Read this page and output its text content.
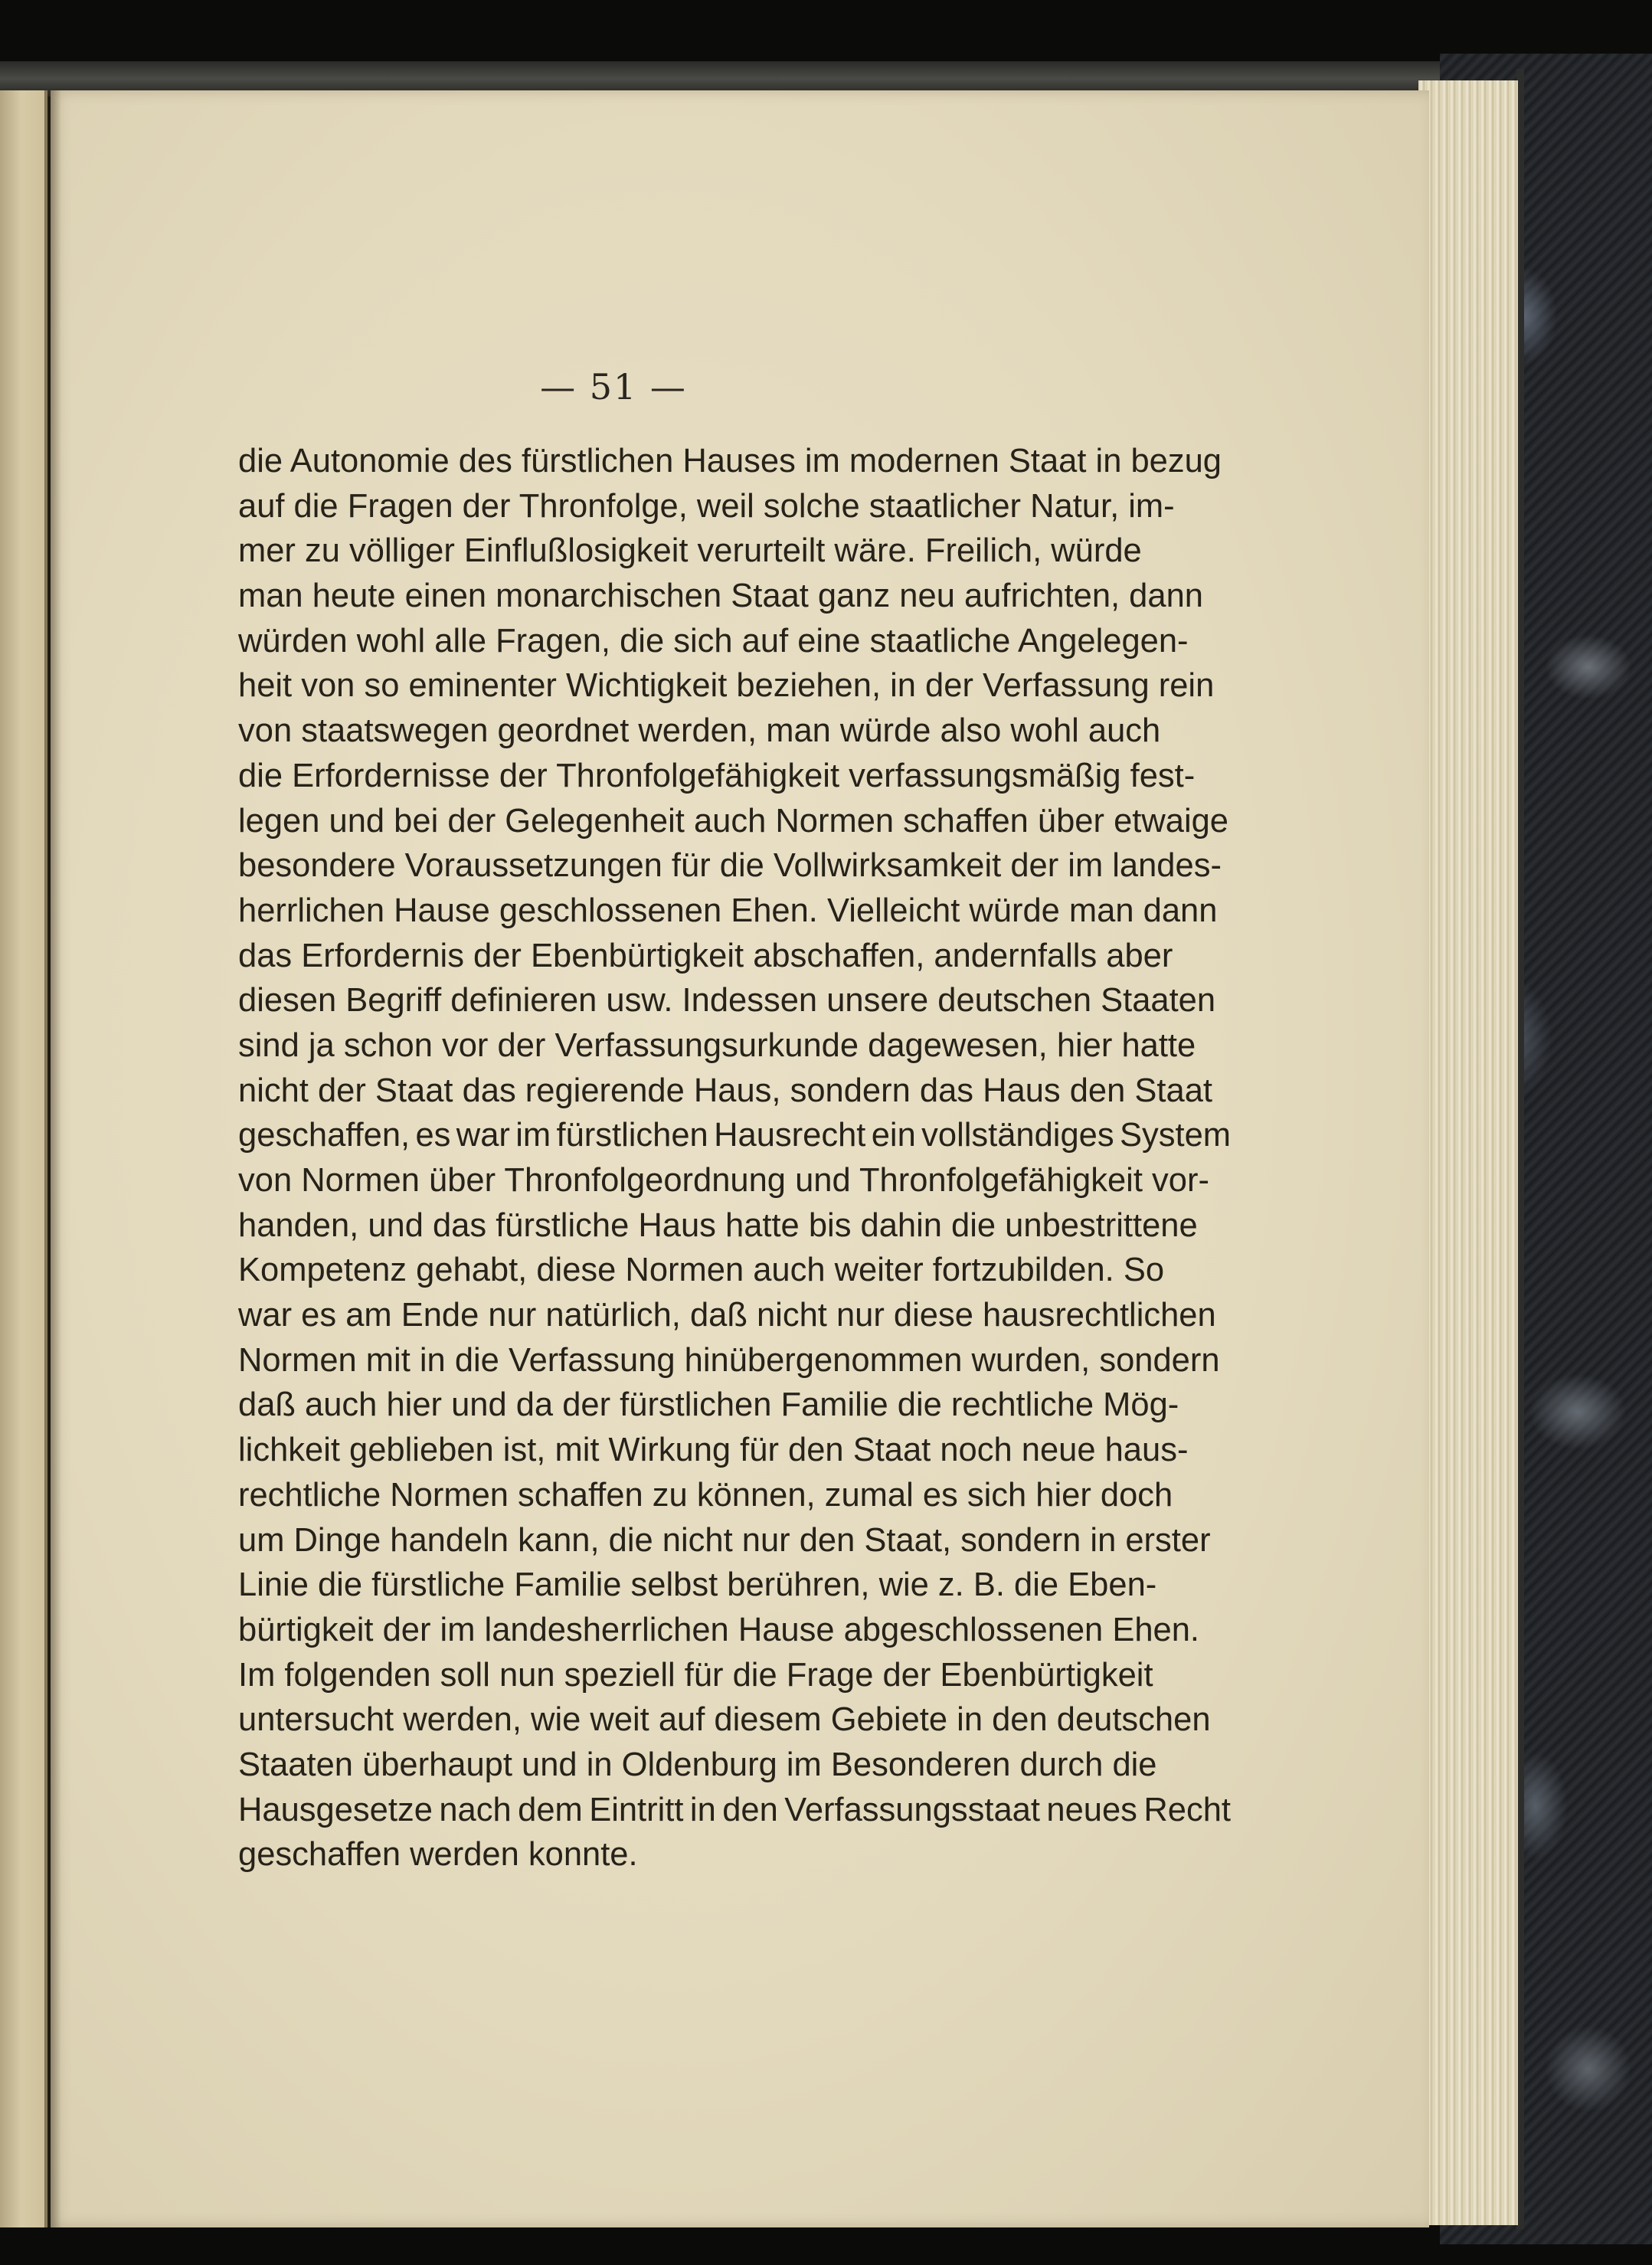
— 51 —
die Autonomie des fürstlichen Hauses im modernen Staat in bezug
auf die Fragen der Thronfolge, weil solche staatlicher Natur, im-
mer zu völliger Einflußlosigkeit verurteilt wäre. Freilich, würde
man heute einen monarchischen Staat ganz neu aufrichten, dann
würden wohl alle Fragen, die sich auf eine staatliche Angelegen-
heit von so eminenter Wichtigkeit beziehen, in der Verfassung rein
von staatswegen geordnet werden, man würde also wohl auch
die Erfordernisse der Thronfolgefähigkeit verfassungsmäßig fest-
legen und bei der Gelegenheit auch Normen schaffen über etwaige
besondere Voraussetzungen für die Vollwirksamkeit der im landes-
herrlichen Hause geschlossenen Ehen. Vielleicht würde man dann
das Erfordernis der Ebenbürtigkeit abschaffen, andernfalls aber
diesen Begriff definieren usw. Indessen unsere deutschen Staaten
sind ja schon vor der Verfassungsurkunde dagewesen, hier hatte
nicht der Staat das regierende Haus, sondern das Haus den Staat
geschaffen, es war im fürstlichen Hausrecht ein vollständiges System
von Normen über Thronfolgeordnung und Thronfolgefähigkeit vor-
handen, und das fürstliche Haus hatte bis dahin die unbestrittene
Kompetenz gehabt, diese Normen auch weiter fortzubilden. So
war es am Ende nur natürlich, daß nicht nur diese hausrechtlichen
Normen mit in die Verfassung hinübergenommen wurden, sondern
daß auch hier und da der fürstlichen Familie die rechtliche Mög-
lichkeit geblieben ist, mit Wirkung für den Staat noch neue haus-
rechtliche Normen schaffen zu können, zumal es sich hier doch
um Dinge handeln kann, die nicht nur den Staat, sondern in erster
Linie die fürstliche Familie selbst berühren, wie z. B. die Eben-
bürtigkeit der im landesherrlichen Hause abgeschlossenen Ehen.
Im folgenden soll nun speziell für die Frage der Ebenbürtigkeit
untersucht werden, wie weit auf diesem Gebiete in den deutschen
Staaten überhaupt und in Oldenburg im Besonderen durch die
Hausgesetze nach dem Eintritt in den Verfassungsstaat neues Recht
geschaffen werden konnte.
